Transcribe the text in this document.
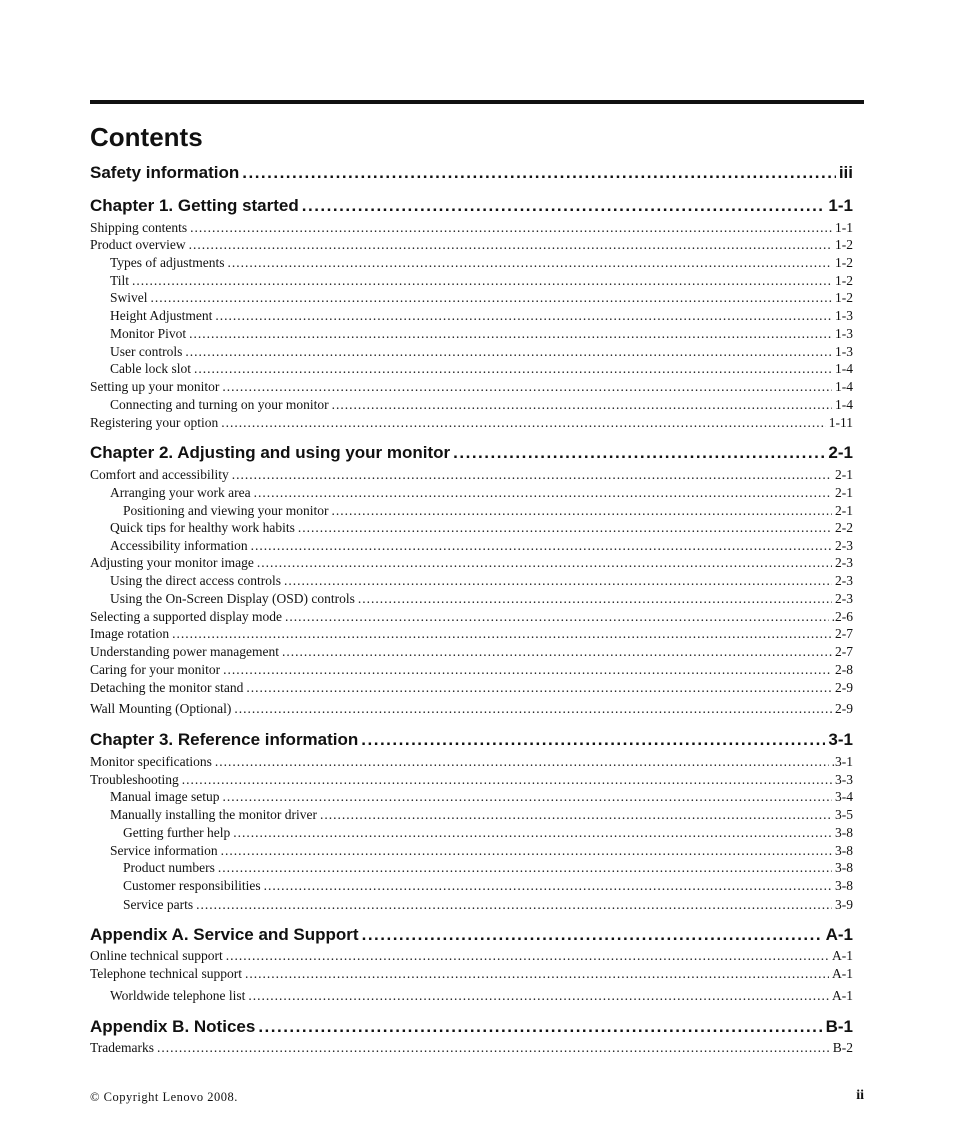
Contents
Safety information .....	iii
Chapter 1. Getting started .....	1-1
Shipping contents .....	1-1
Product overview .....	1-2
Types of adjustments .....	1-2
Tilt .....	1-2
Swivel .....	1-2
Height Adjustment .....	1-3
Monitor Pivot .....	1-3
User controls .....	1-3
Cable lock slot .....	1-4
Setting up your monitor .....	1-4
Connecting and turning on your monitor .....	1-4
Registering your option .....	1-11
Chapter 2. Adjusting and using your monitor .....	2-1
Comfort and accessibility .....	2-1
Arranging your work area .....	2-1
Positioning and viewing your monitor .....	2-1
Quick tips for healthy work habits .....	2-2
Accessibility information .....	2-3
Adjusting your monitor image .....	2-3
Using the direct access controls .....	2-3
Using the On-Screen Display (OSD) controls .....	2-3
Selecting a supported display mode .....	.2-6
Image rotation .....	2-7
Understanding power management .....	2-7
Caring for your monitor .....	2-8
Detaching the monitor stand .....	2-9
Wall Mounting (Optional) .....	2-9
Chapter 3. Reference information .....	3-1
Monitor specifications .....	.3-1
Troubleshooting .....	3-3
Manual image setup .....	3-4
Manually installing the monitor driver .....	3-5
Getting further help .....	3-8
Service information .....	3-8
Product numbers .....	3-8
Customer responsibilities .....	3-8
Service parts .....	3-9
Appendix A. Service and Support .....	A-1
Online technical support .....	A-1
Telephone technical support .....	A-1
Worldwide telephone list .....	A-1
Appendix B. Notices .....	B-1
Trademarks .....	B-2
© Copyright Lenovo 2008.	ii
